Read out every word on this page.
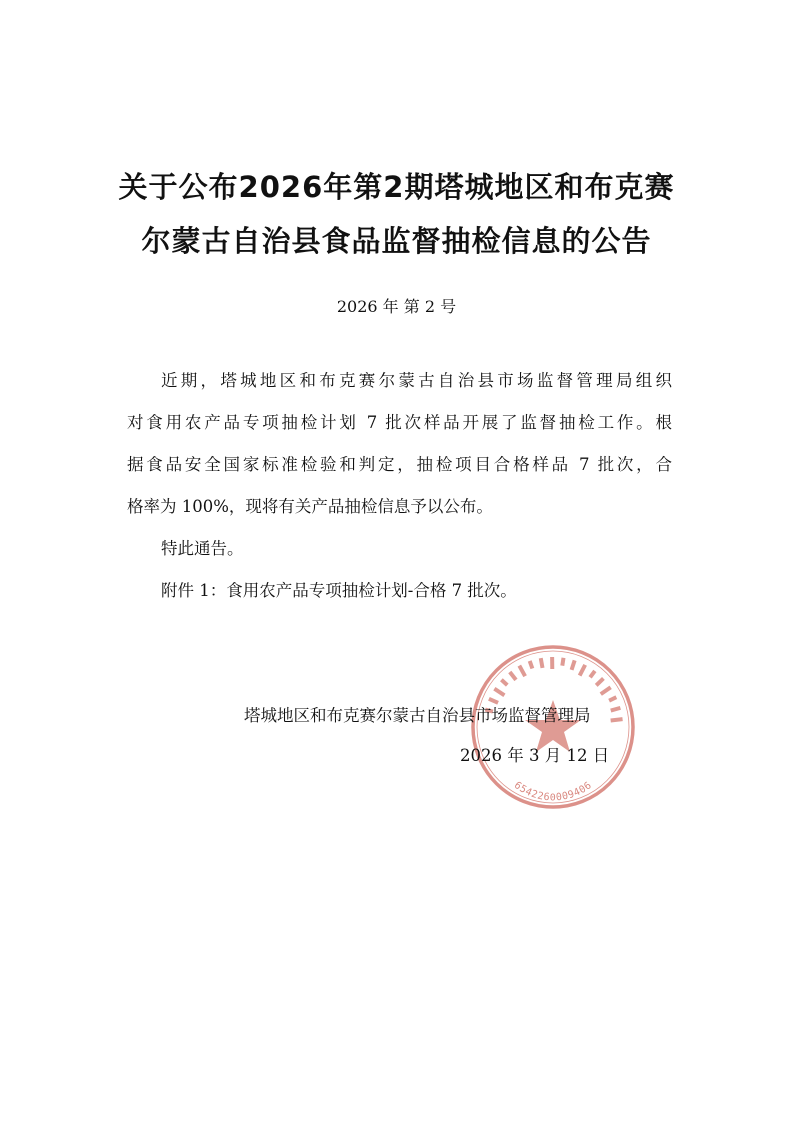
关于公布2026年第2期塔城地区和布克赛
尔蒙古自治县食品监督抽检信息的公告
2026 年 第 2 号
近期，塔城地区和布克赛尔蒙古自治县市场监督管理局组织
对食用农产品专项抽检计划 7 批次样品开展了监督抽检工作。根
据食品安全国家标准检验和判定，抽检项目合格样品 7 批次，合
格率为 100%，现将有关产品抽检信息予以公布。
特此通告。
附件 1：食用农产品专项抽检计划-合格 7 批次。
6542260009406
塔城地区和布克赛尔蒙古自治县市场监督管理局
2026 年 3 月 12 日
